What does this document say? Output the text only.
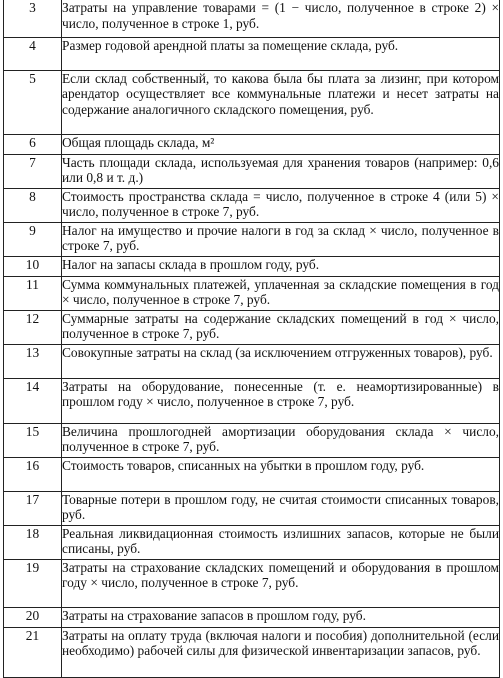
3	Затраты на управление товарами = (1 − число, полученное в строке 2) × число, полученное в строке 1, руб.
4	Размер годовой арендной платы за помещение склада, руб.
5	Если склад собственный, то какова была бы плата за лизинг, при котором арендатор осуществляет все коммунальные платежи и несет затраты на содержание аналогичного складского помещения, руб.
6	Общая площадь склада, м²
7	Часть площади склада, используемая для хранения товаров (например: 0,6 или 0,8 и т. д.)
8	Стоимость пространства склада = число, полученное в строке 4 (или 5) × число, полученное в строке 7, руб.
9	Налог на имущество и прочие налоги в год за склад × число, полученное в строке 7, руб.
10	Налог на запасы склада в прошлом году, руб.
11	Сумма коммунальных платежей, уплаченная за складские помещения в год × число, полученное в строке 7, руб.
12	Суммарные затраты на содержание складских помещений в год × число, полученное в строке 7, руб.
13	Совокупные затраты на склад (за исключением отгруженных товаров), руб.
14	Затраты на оборудование, понесенные (т. е. неамортизированные) в прошлом году × число, полученное в строке 7, руб.
15	Величина прошлогодней амортизации оборудования склада × число, полученное в строке 7, руб.
16	Стоимость товаров, списанных на убытки в прошлом году, руб.
17	Товарные потери в прошлом году, не считая стоимости списанных товаров, руб.
18	Реальная ликвидационная стоимость излишних запасов, которые не были списаны, руб.
19	Затраты на страхование складских помещений и оборудования в прошлом году × число, полученное в строке 7, руб.
20	Затраты на страхование запасов в прошлом году, руб.
21	Затраты на оплату труда (включая налоги и пособия) дополнительной (если необходимо) рабочей силы для физической инвентаризации запасов, руб.
